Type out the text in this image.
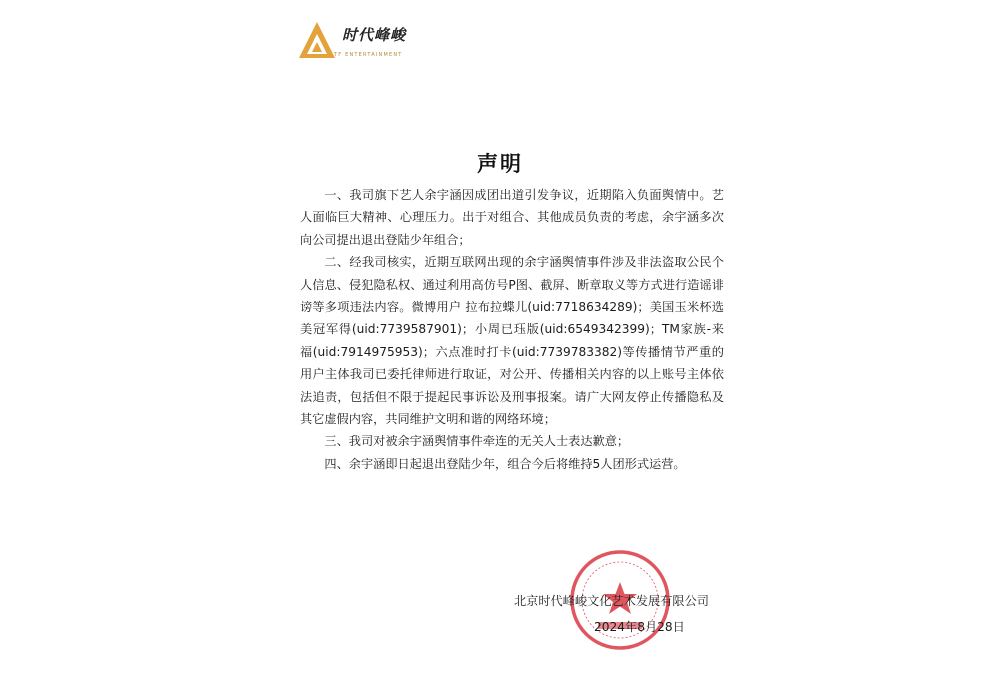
时代峰峻
TF ENTERTAINMENT
声明

一、我司旗下艺人余宇涵因成团出道引发争议，近期陷入负面舆情中。艺人面临巨大精神、心理压力。出于对组合、其他成员负责的考虑，余宇涵多次向公司提出退出登陆少年组合；

二、经我司核实，近期互联网出现的余宇涵舆情事件涉及非法盗取公民个人信息、侵犯隐私权、通过利用高仿号P图、截屏、断章取义等方式进行造谣诽谤等多项违法内容。微博用户 拉布拉蝶儿(uid:7718634289)；美国玉米杯选美冠军得(uid:7739587901)；小周已珏版(uid:6549342399)；TM家族-来福(uid:7914975953)；六点准时打卡(uid:7739783382)等传播情节严重的用户主体我司已委托律师进行取证，对公开、传播相关内容的以上账号主体依法追责，包括但不限于提起民事诉讼及刑事报案。请广大网友停止传播隐私及其它虚假内容，共同维护文明和谐的网络环境；

三、我司对被余宇涵舆情事件牵连的无关人士表达歉意；

四、余宇涵即日起退出登陆少年，组合今后将维持5人团形式运营。

北京时代峰峻文化艺术发展有限公司
2024年8月28日
